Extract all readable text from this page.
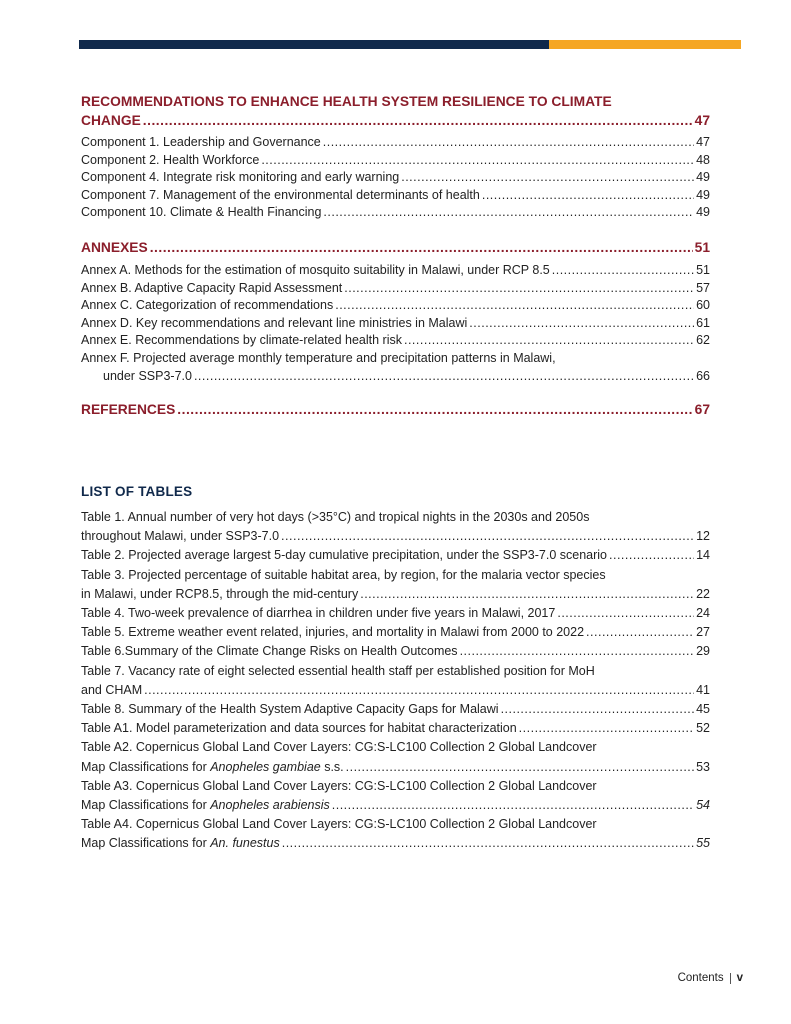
RECOMMENDATIONS TO ENHANCE HEALTH SYSTEM RESILIENCE TO CLIMATE
CHANGE .....	47
Component 1. Leadership and Governance .....	47
Component 2. Health Workforce .....	48
Component 4. Integrate risk monitoring and early warning .....	49
Component 7. Management of the environmental determinants of health .....	49
Component 10. Climate & Health Financing .....	49
ANNEXES .....	51
Annex A. Methods for the estimation of mosquito suitability in Malawi, under RCP 8.5 .....	51
Annex B. Adaptive Capacity Rapid Assessment .....	57
Annex C. Categorization of recommendations .....	60
Annex D. Key recommendations and relevant line ministries in Malawi .....	61
Annex E. Recommendations by climate-related health risk .....	62
Annex F. Projected average monthly temperature and precipitation patterns in Malawi,
under SSP3-7.0 .....	66
REFERENCES .....	67
LIST OF TABLES
Table 1. Annual number of very hot days (>35°C) and tropical nights in the 2030s and 2050s
throughout Malawi, under SSP3-7.0 .....	12
Table 2. Projected average largest 5-day cumulative precipitation, under the SSP3-7.0 scenario .....	14
Table 3. Projected percentage of suitable habitat area, by region, for the malaria vector species
in Malawi, under RCP8.5, through the mid-century .....	22
Table 4. Two-week prevalence of diarrhea in children under five years in Malawi, 2017 .....	24
Table 5. Extreme weather event related, injuries, and mortality in Malawi from 2000 to 2022 .....	27
Table 6.Summary of the Climate Change Risks on Health Outcomes .....	29
Table 7. Vacancy rate of eight selected essential health staff per established position for MoH
and CHAM .....	41
Table 8. Summary of the Health System Adaptive Capacity Gaps for Malawi .....	45
Table A1. Model parameterization and data sources for habitat characterization .....	52
Table A2. Copernicus Global Land Cover Layers: CG:S-LC100 Collection 2 Global Landcover
Map Classifications for Anopheles gambiae s.s. .....	53
Table A3. Copernicus Global Land Cover Layers: CG:S-LC100 Collection 2 Global Landcover
Map Classifications for Anopheles arabiensis .....	54
Table A4. Copernicus Global Land Cover Layers: CG:S-LC100 Collection 2 Global Landcover
Map Classifications for An. funestus .....	55
Contents v
